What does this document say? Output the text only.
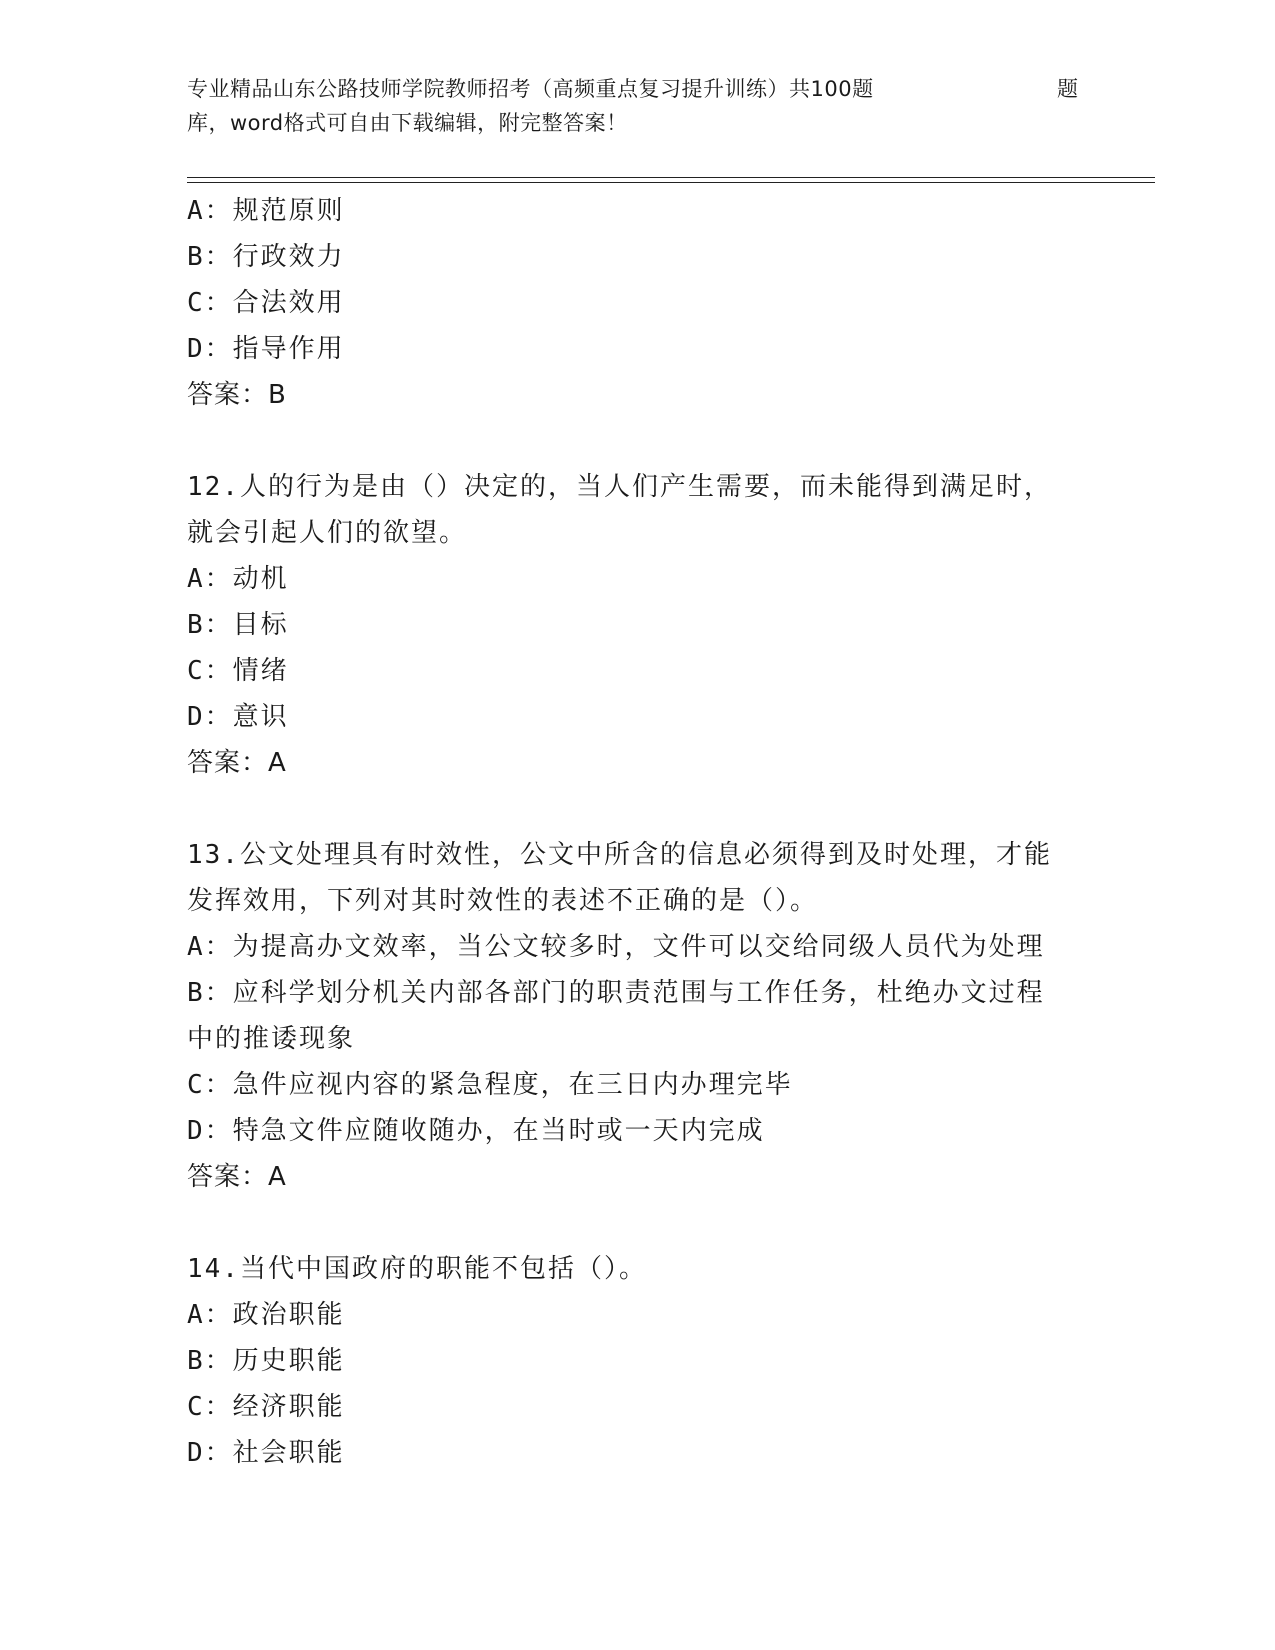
专业精品山东公路技师学院教师招考（高频重点复习提升训练）共100题	题
库，word格式可自由下载编辑，附完整答案！
A：规范原则
B：行政效力
C：合法效用
D：指导作用
答案：B
12.人的行为是由（）决定的，当人们产生需要，而未能得到满足时，
就会引起人们的欲望。
A：动机
B：目标
C：情绪
D：意识
答案：A
13.公文处理具有时效性，公文中所含的信息必须得到及时处理，才能
发挥效用，下列对其时效性的表述不正确的是（）。
A：为提高办文效率，当公文较多时，文件可以交给同级人员代为处理
B：应科学划分机关内部各部门的职责范围与工作任务，杜绝办文过程
中的推诿现象
C：急件应视内容的紧急程度，在三日内办理完毕
D：特急文件应随收随办，在当时或一天内完成
答案：A
14.当代中国政府的职能不包括（）。
A：政治职能
B：历史职能
C：经济职能
D：社会职能
